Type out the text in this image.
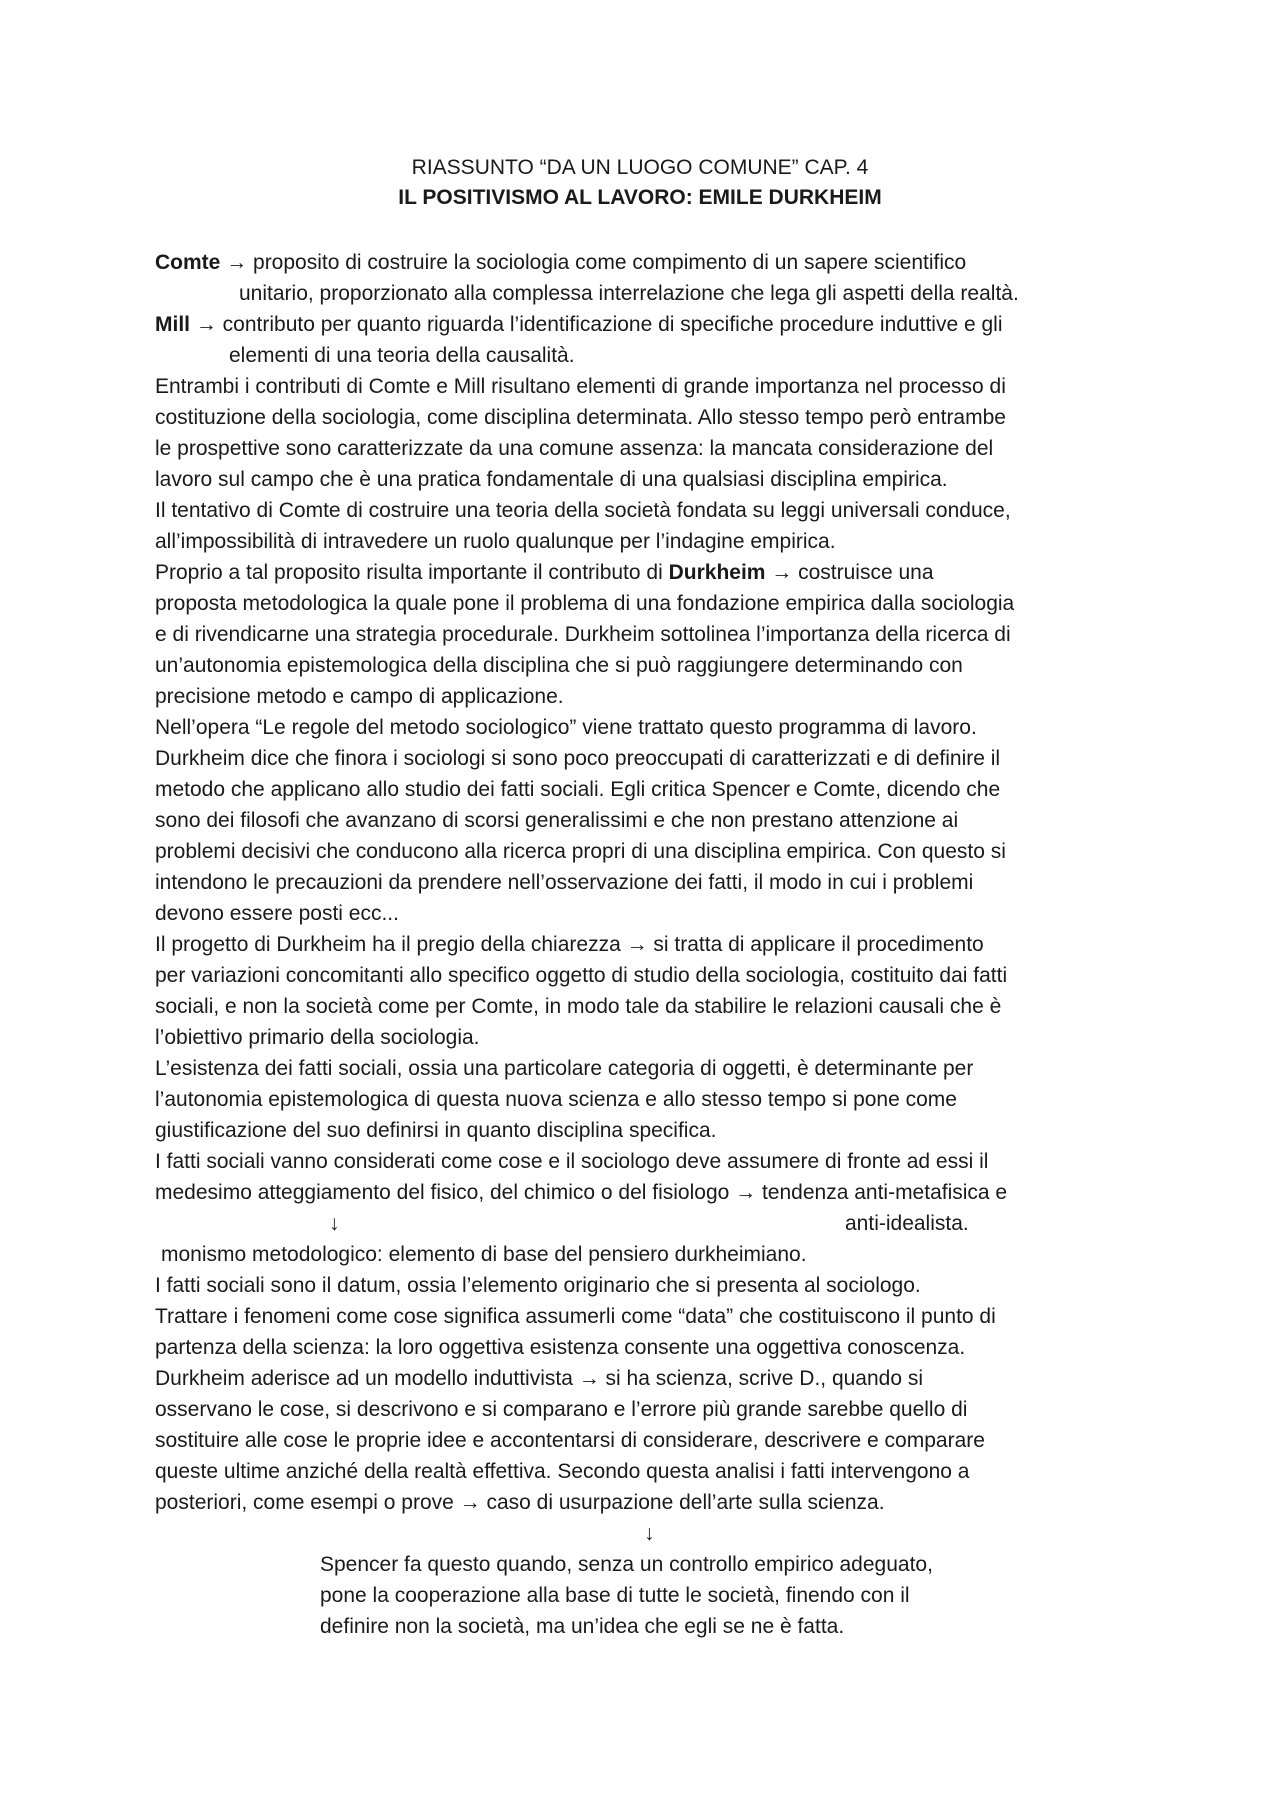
RIASSUNTO “DA UN LUOGO COMUNE” CAP. 4
IL POSITIVISMO AL LAVORO: EMILE DURKHEIM
Comte → proposito di costruire la sociologia come compimento di un sapere scientifico
unitario, proporzionato alla complessa interrelazione che lega gli aspetti della realtà.
Mill → contributo per quanto riguarda l’identificazione di specifiche procedure induttive e gli
elementi di una teoria della causalità.
Entrambi i contributi di Comte e Mill risultano elementi di grande importanza nel processo di
costituzione della sociologia, come disciplina determinata. Allo stesso tempo però entrambe
le prospettive sono caratterizzate da una comune assenza: la mancata considerazione del
lavoro sul campo che è una pratica fondamentale di una qualsiasi disciplina empirica.
Il tentativo di Comte di costruire una teoria della società fondata su leggi universali conduce,
all’impossibilità di intravedere un ruolo qualunque per l’indagine empirica.
Proprio a tal proposito risulta importante il contributo di Durkheim → costruisce una
proposta metodologica la quale pone il problema di una fondazione empirica dalla sociologia
e di rivendicarne una strategia procedurale. Durkheim sottolinea l’importanza della ricerca di
un’autonomia epistemologica della disciplina che si può raggiungere determinando con
precisione metodo e campo di applicazione.
Nell’opera “Le regole del metodo sociologico” viene trattato questo programma di lavoro.
Durkheim dice che finora i sociologi si sono poco preoccupati di caratterizzati e di definire il
metodo che applicano allo studio dei fatti sociali. Egli critica Spencer e Comte, dicendo che
sono dei filosofi che avanzano di scorsi generalissimi e che non prestano attenzione ai
problemi decisivi che conducono alla ricerca propri di una disciplina empirica. Con questo si
intendono le precauzioni da prendere nell’osservazione dei fatti, il modo in cui i problemi
devono essere posti ecc...
Il progetto di Durkheim ha il pregio della chiarezza → si tratta di applicare il procedimento
per variazioni concomitanti allo specifico oggetto di studio della sociologia, costituito dai fatti
sociali, e non la società come per Comte, in modo tale da stabilire le relazioni causali che è
l’obiettivo primario della sociologia.
L’esistenza dei fatti sociali, ossia una particolare categoria di oggetti, è determinante per
l’autonomia epistemologica di questa nuova scienza e allo stesso tempo si pone come
giustificazione del suo definirsi in quanto disciplina specifica.
I fatti sociali vanno considerati come cose e il sociologo deve assumere di fronte ad essi il
medesimo atteggiamento del fisico, del chimico o del fisiologo → tendenza anti-metafisica e
↓	anti-idealista.
monismo metodologico: elemento di base del pensiero durkheimiano.
I fatti sociali sono il datum, ossia l’elemento originario che si presenta al sociologo.
Trattare i fenomeni come cose significa assumerli come “data” che costituiscono il punto di
partenza della scienza: la loro oggettiva esistenza consente una oggettiva conoscenza.
Durkheim aderisce ad un modello induttivista → si ha scienza, scrive D., quando si
osservano le cose, si descrivono e si comparano e l’errore più grande sarebbe quello di
sostituire alle cose le proprie idee e accontentarsi di considerare, descrivere e comparare
queste ultime anziché della realtà effettiva. Secondo questa analisi i fatti intervengono a
posteriori, come esempi o prove → caso di usurpazione dell’arte sulla scienza.
↓
Spencer fa questo quando, senza un controllo empirico adeguato,
pone la cooperazione alla base di tutte le società, finendo con il
definire non la società, ma un’idea che egli se ne è fatta.
